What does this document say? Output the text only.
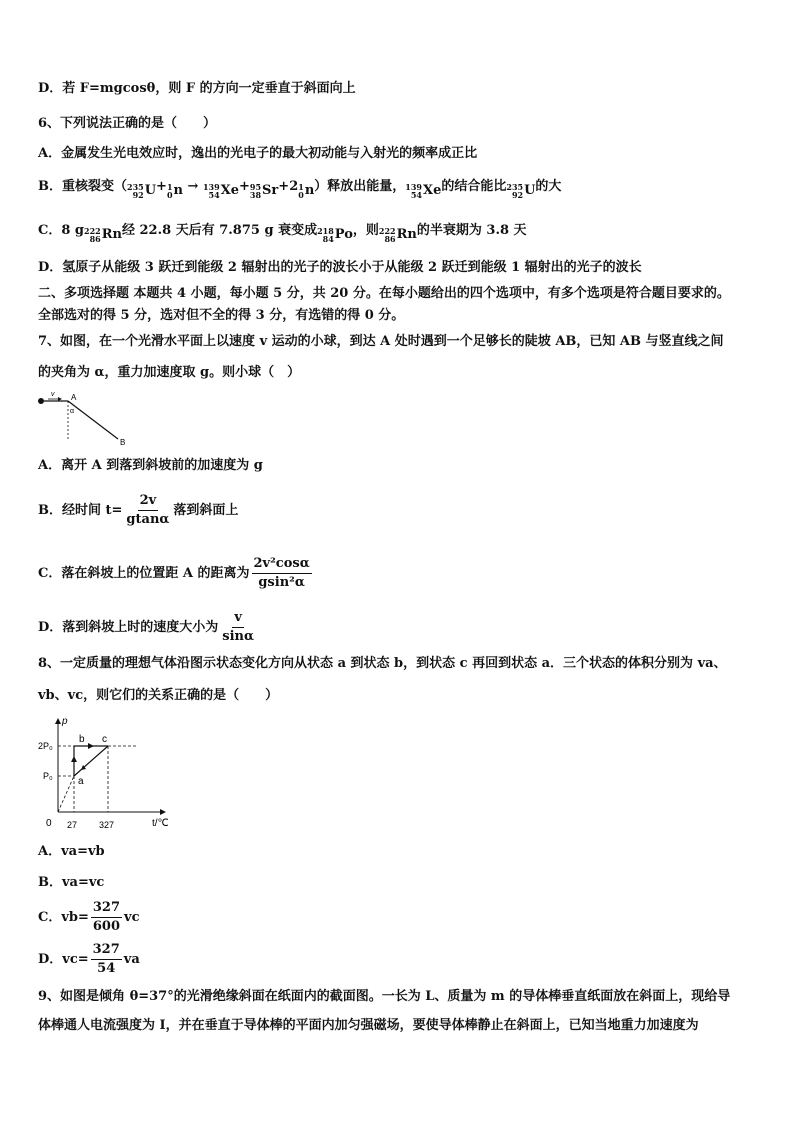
D．若 F=mgcosθ，则 F 的方向一定垂直于斜面向上
6、下列说法正确的是（　　）
A．金属发生光电效应时，逸出的光电子的最大初动能与入射光的频率成正比
B．重核裂变（ 235
92 U + 1
0 n → 139
54 Xe + 95
38 Sr +2 1
0 n ）释放出能量， 139
54 Xe 的结合能比 235
92 U 的大
C．8 g 222
86 Rn 经 22.8 天后有 7.875 g 衰变成 218
84 Po ，则 222
86 Rn 的半衰期为 3.8 天
D．氢原子从能级 3 跃迁到能级 2 辐射出的光子的波长小于从能级 2 跃迁到能级 1 辐射出的光子的波长
二、多项选择题 本题共 4 小题，每小题 5 分，共 20 分。在每小题给出的四个选项中，有多个选项是符合题目要求的。
全部选对的得 5 分，选对但不全的得 3 分，有选错的得 0 分。
7、如图，在一个光滑水平面上以速度 v 运动的小球，到达 A 处时遇到一个足够长的陡坡 AB，已知 AB 与竖直线之间
的夹角为 α，重力加速度取 g。则小球（　）
v A
α
B
A．离开 A 到落到斜坡前的加速度为 g
B．经时间 $t= \frac{2v}{gtan\alpha}$ 落到斜面上
C．落在斜坡上的位置距 A 的距离为 $\frac{\text{2v²cosα}}{\text{gsin²α}}$
D．落到斜坡上时的速度大小为 $\frac{v}{\sin\alpha}$
8、一定质量的理想气体沿图示状态变化方向从状态 a 到状态 b，到状态 c 再回到状态 a．三个状态的体积分别为 va、
vb、vc，则它们的关系正确的是（　　）
p
2P₀
P₀	a
b c
0 27 327	t/℃
A．va=vb
B．va=vc
C．$vb= \frac{327}{600}$ vc
D．$vc= \frac{327}{54}$ va
9、如图是倾角 θ=37°的光滑绝缘斜面在纸面内的截面图。一长为 L、质量为 m 的导体棒垂直纸面放在斜面上，现给导
体棒通人电流强度为 I，并在垂直于导体棒的平面内加匀强磁场，要使导体棒静止在斜面上，已知当地重力加速度为
